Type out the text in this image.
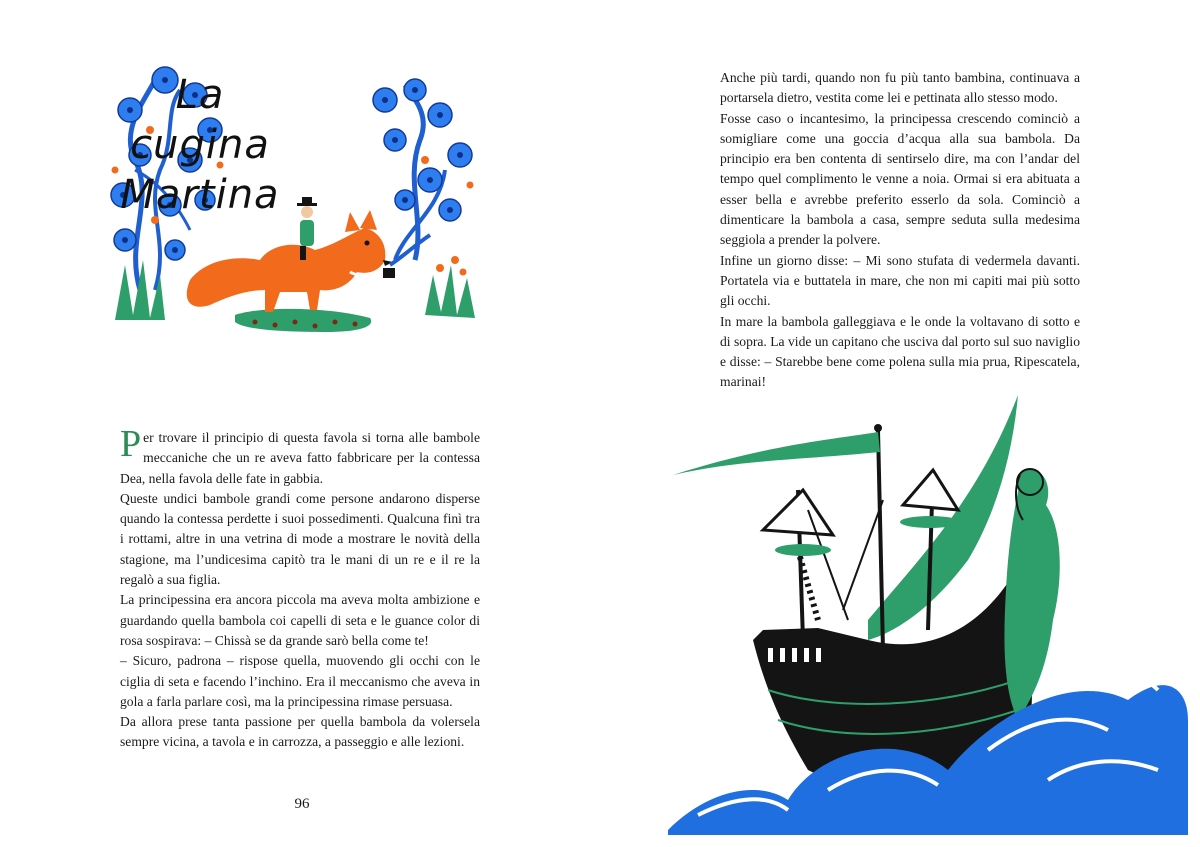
La cugina
Martina

Per trovare il principio di questa favola si torna alle bambole meccaniche che un re aveva fatto fabbricare per la contessa Dea, nella favola delle fate in gabbia.

Queste undici bambole grandi come persone andarono disperse quando la contessa perdette i suoi possedimenti. Qualcuna finì tra i rottami, altre in una vetrina di mode a mostrare le novità della stagione, ma l’undicesima capitò tra le mani di un re e il re la regalò a sua figlia.

La principessina era ancora piccola ma aveva molta ambizione e guardando quella bambola coi capelli di seta e le guance color di rosa sospirava: – Chissà se da grande sarò bella come te!

– Sicuro, padrona – rispose quella, muovendo gli occhi con le ciglia di seta e facendo l’inchino. Era il meccanismo che aveva in gola a farla parlare così, ma la principessina rimase persuasa.

Da allora prese tanta passione per quella bambola da volersela sempre vicina, a tavola e in carrozza, a passeggio e alle lezioni.

96

Anche più tardi, quando non fu più tanto bambina, continuava a portarsela dietro, vestita come lei e pettinata allo stesso modo.

Fosse caso o incantesimo, la principessa crescendo cominciò a somigliare come una goccia d’acqua alla sua bambola. Da principio era ben contenta di sentirselo dire, ma con l’andar del tempo quel complimento le venne a noia. Ormai si era abituata a esser bella e avrebbe preferito esserlo da sola. Cominciò a dimenticare la bambola a casa, sempre seduta sulla medesima seggiola a prender la polvere.

Infine un giorno disse: – Mi sono stufata di vedermela davanti. Portatela via e buttatela in mare, che non mi capiti mai più sotto gli occhi.

In mare la bambola galleggiava e le onde la voltavano di sotto e di sopra. La vide un capitano che usciva dal porto sul suo naviglio e disse: – Starebbe bene come polena sulla mia prua, Ripescatela, marinai!
